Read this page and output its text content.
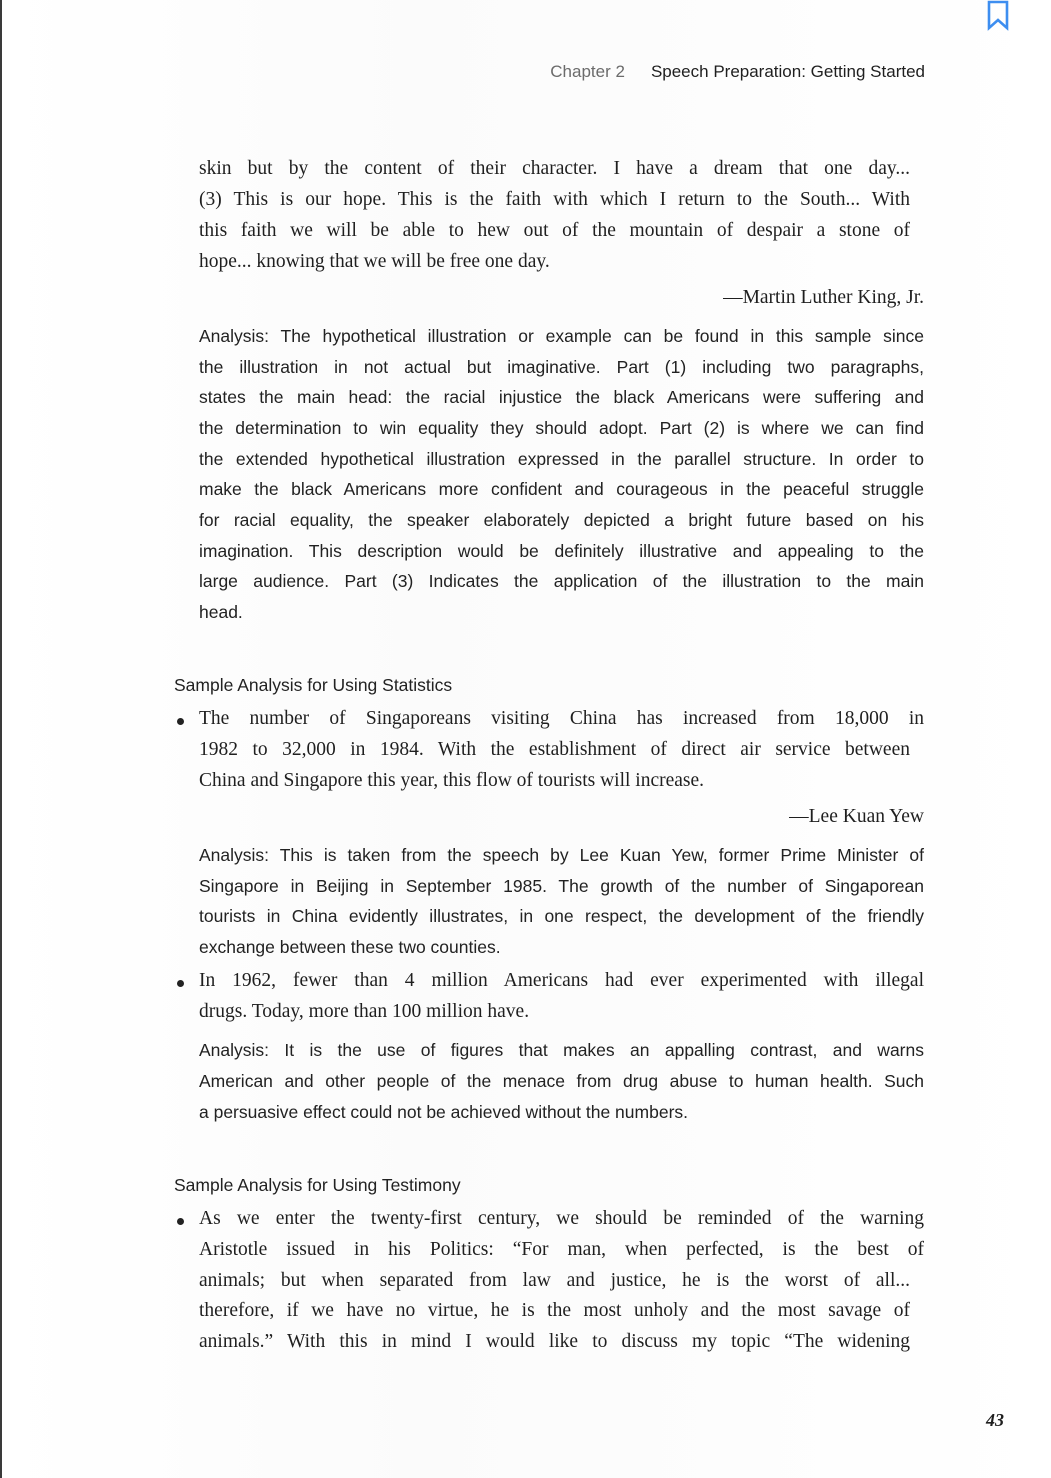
Chapter 2 Speech Preparation: Getting Started
skin but by the content of their character. I have a dream that one day...
(3) This is our hope. This is the faith with which I return to the South... With
this faith we will be able to hew out of the mountain of despair a stone of
hope... knowing that we will be free one day.
—Martin Luther King, Jr.
Analysis: The hypothetical illustration or example can be found in this sample since
the illustration in not actual but imaginative. Part (1) including two paragraphs,
states the main head: the racial injustice the black Americans were suffering and
the determination to win equality they should adopt. Part (2) is where we can find
the extended hypothetical illustration expressed in the parallel structure. In order to
make the black Americans more confident and courageous in the peaceful struggle
for racial equality, the speaker elaborately depicted a bright future based on his
imagination. This description would be definitely illustrative and appealing to the
large audience. Part (3) Indicates the application of the illustration to the main
head.
Sample Analysis for Using Statistics
The number of Singaporeans visiting China has increased from 18,000 in
1982 to 32,000 in 1984. With the establishment of direct air service between
China and Singapore this year, this flow of tourists will increase.
—Lee Kuan Yew
Analysis: This is taken from the speech by Lee Kuan Yew, former Prime Minister of
Singapore in Beijing in September 1985. The growth of the number of Singaporean
tourists in China evidently illustrates, in one respect, the development of the friendly
exchange between these two counties.
In 1962, fewer than 4 million Americans had ever experimented with illegal
drugs. Today, more than 100 million have.
Analysis: It is the use of figures that makes an appalling contrast, and warns
American and other people of the menace from drug abuse to human health. Such
a persuasive effect could not be achieved without the numbers.
Sample Analysis for Using Testimony
As we enter the twenty-first century, we should be reminded of the warning
Aristotle issued in his Politics: “For man, when perfected, is the best of
animals; but when separated from law and justice, he is the worst of all...
therefore, if we have no virtue, he is the most unholy and the most savage of
animals.” With this in mind I would like to discuss my topic “The widening
43
